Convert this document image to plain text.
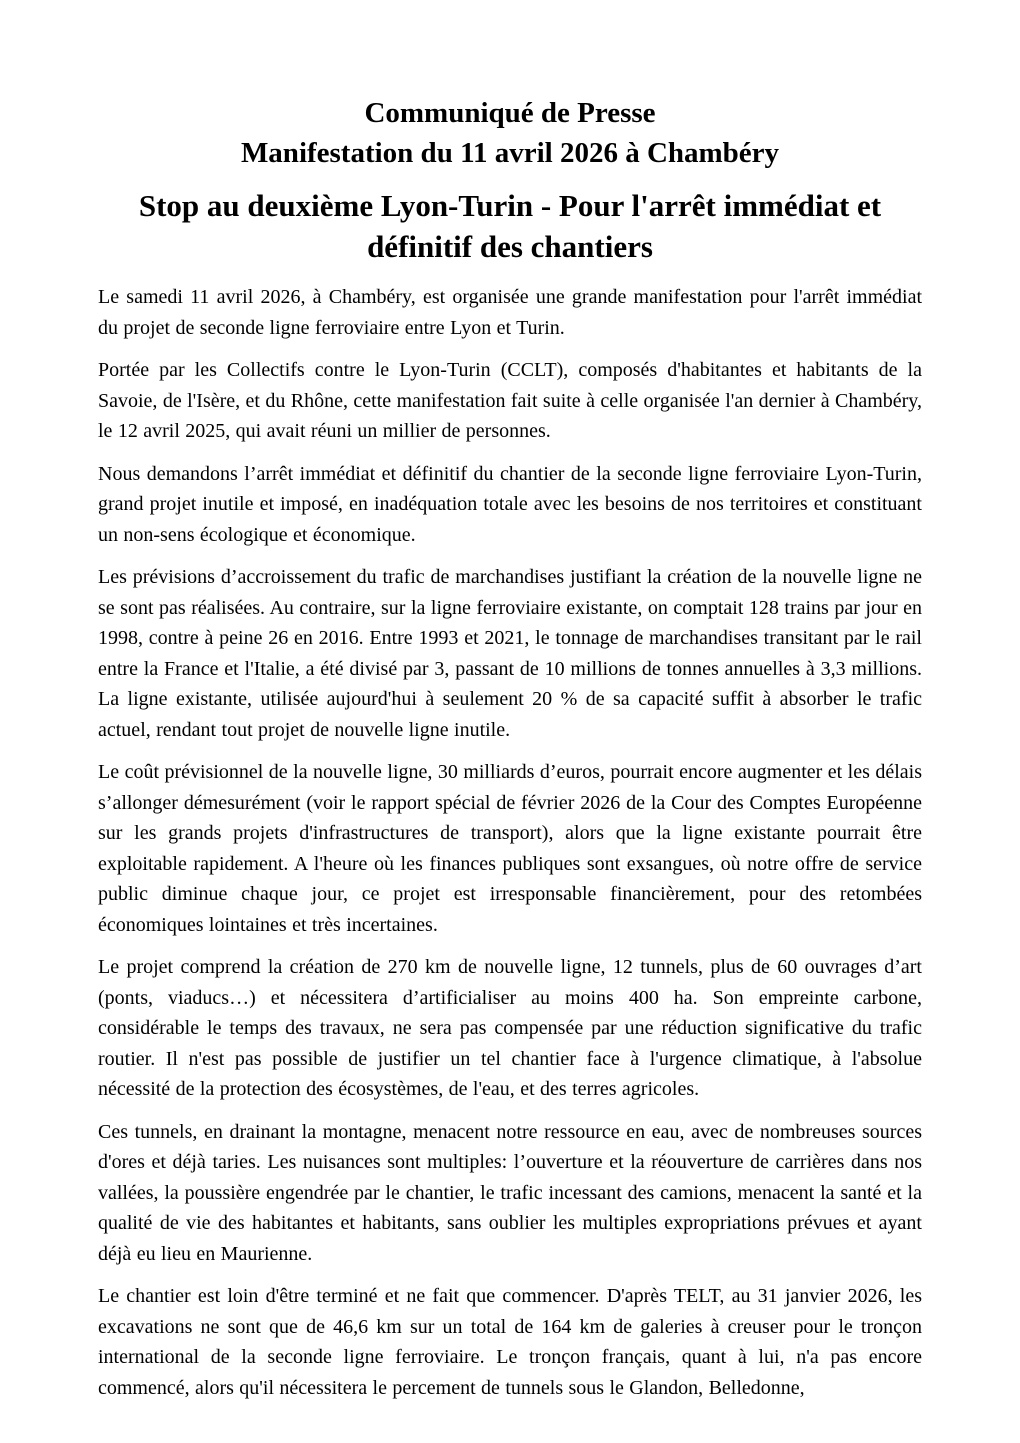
Communiqué de Presse
Manifestation du 11 avril 2026 à Chambéry
Stop au deuxième Lyon-Turin - Pour l'arrêt immédiat et définitif des chantiers

Le samedi 11 avril 2026, à Chambéry, est organisée une grande manifestation pour l'arrêt immédiat du projet de seconde ligne ferroviaire entre Lyon et Turin.

Portée par les Collectifs contre le Lyon-Turin (CCLT), composés d'habitantes et habitants de la Savoie, de l'Isère, et du Rhône, cette manifestation fait suite à celle organisée l'an dernier à Chambéry, le 12 avril 2025, qui avait réuni un millier de personnes.

Nous demandons l’arrêt immédiat et définitif du chantier de la seconde ligne ferroviaire Lyon-Turin, grand projet inutile et imposé, en inadéquation totale avec les besoins de nos territoires et constituant un non-sens écologique et économique.

Les prévisions d’accroissement du trafic de marchandises justifiant la création de la nouvelle ligne ne se sont pas réalisées. Au contraire, sur la ligne ferroviaire existante, on comptait 128 trains par jour en 1998, contre à peine 26 en 2016. Entre 1993 et 2021, le tonnage de marchandises transitant par le rail entre la France et l'Italie, a été divisé par 3, passant de 10 millions de tonnes annuelles à 3,3 millions. La ligne existante, utilisée aujourd'hui à seulement 20 % de sa capacité suffit à absorber le trafic actuel, rendant tout projet de nouvelle ligne inutile.

Le coût prévisionnel de la nouvelle ligne, 30 milliards d’euros, pourrait encore augmenter et les délais s’allonger démesurément (voir le rapport spécial de février 2026 de la Cour des Comptes Européenne sur les grands projets d'infrastructures de transport), alors que la ligne existante pourrait être exploitable rapidement. A l'heure où les finances publiques sont exsangues, où notre offre de service public diminue chaque jour, ce projet est irresponsable financièrement, pour des retombées économiques lointaines et très incertaines.

Le projet comprend la création de 270 km de nouvelle ligne, 12 tunnels, plus de 60 ouvrages d’art (ponts, viaducs…) et nécessitera d’artificialiser au moins 400 ha. Son empreinte carbone, considérable le temps des travaux, ne sera pas compensée par une réduction significative du trafic routier. Il n'est pas possible de justifier un tel chantier face à l'urgence climatique, à l'absolue nécessité de la protection des écosystèmes, de l'eau, et des terres agricoles.

Ces tunnels, en drainant la montagne, menacent notre ressource en eau, avec de nombreuses sources d'ores et déjà taries. Les nuisances sont multiples: l’ouverture et la réouverture de carrières dans nos vallées, la poussière engendrée par le chantier, le trafic incessant des camions, menacent la santé et la qualité de vie des habitantes et habitants, sans oublier les multiples expropriations prévues et ayant déjà eu lieu en Maurienne.

Le chantier est loin d'être terminé et ne fait que commencer. D'après TELT, au 31 janvier 2026, les excavations ne sont que de 46,6 km sur un total de 164 km de galeries à creuser pour le tronçon international de la seconde ligne ferroviaire. Le tronçon français, quant à lui, n'a pas encore commencé, alors qu'il nécessitera le percement de tunnels sous le Glandon, Belledonne,
